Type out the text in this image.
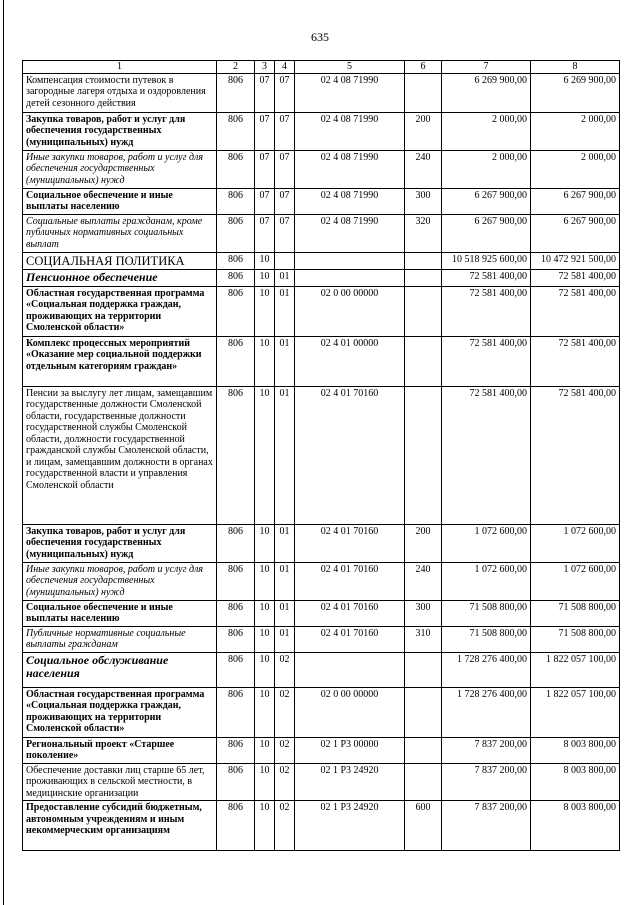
635
1	2	3	4	5	6	7	8
Компенсация стоимости путевок в загородные лагеря отдыха и оздоровления детей сезонного действия	806	07	07	02 4 08 71990		6 269 900,00	6 269 900,00
Закупка товаров, работ и услуг для обеспечения государственных (муниципальных) нужд	806	07	07	02 4 08 71990	200	2 000,00	2 000,00
Иные закупки товаров, работ и услуг для обеспечения государственных (муниципальных) нужд	806	07	07	02 4 08 71990	240	2 000,00	2 000,00
Социальное обеспечение и иные выплаты населению	806	07	07	02 4 08 71990	300	6 267 900,00	6 267 900,00
Социальные выплаты гражданам, кроме публичных нормативных социальных выплат	806	07	07	02 4 08 71990	320	6 267 900,00	6 267 900,00
СОЦИАЛЬНАЯ ПОЛИТИКА	806	10				10 518 925 600,00	10 472 921 500,00
Пенсионное обеспечение	806	10	01			72 581 400,00	72 581 400,00
Областная государственная программа «Социальная поддержка граждан, проживающих на территории Смоленской области»	806	10	01	02 0 00 00000		72 581 400,00	72 581 400,00
Комплекс процессных мероприятий «Оказание мер социальной поддержки отдельным категориям граждан»	806	10	01	02 4 01 00000		72 581 400,00	72 581 400,00
Пенсии за выслугу лет лицам, замещавшим государственные должности Смоленской области, государственные должности государственной службы Смоленской области, должности государственной гражданской службы Смоленской области, и лицам, замещавшим должности в органах государственной власти и управления Смоленской области	806	10	01	02 4 01 70160		72 581 400,00	72 581 400,00
Закупка товаров, работ и услуг для обеспечения государственных (муниципальных) нужд	806	10	01	02 4 01 70160	200	1 072 600,00	1 072 600,00
Иные закупки товаров, работ и услуг для обеспечения государственных (муниципальных) нужд	806	10	01	02 4 01 70160	240	1 072 600,00	1 072 600,00
Социальное обеспечение и иные выплаты населению	806	10	01	02 4 01 70160	300	71 508 800,00	71 508 800,00
Публичные нормативные социальные выплаты гражданам	806	10	01	02 4 01 70160	310	71 508 800,00	71 508 800,00
Социальное обслуживание населения	806	10	02			1 728 276 400,00	1 822 057 100,00
Областная государственная программа «Социальная поддержка граждан, проживающих на территории Смоленской области»	806	10	02	02 0 00 00000		1 728 276 400,00	1 822 057 100,00
Региональный проект «Старшее поколение»	806	10	02	02 1 P3 00000		7 837 200,00	8 003 800,00
Обеспечение доставки лиц старше 65 лет, проживающих в сельской местности, в медицинские организации	806	10	02	02 1 P3 24920		7 837 200,00	8 003 800,00
Предоставление субсидий бюджетным, автономным учреждениям и иным некоммерческим организациям	806	10	02	02 1 P3 24920	600	7 837 200,00	8 003 800,00
